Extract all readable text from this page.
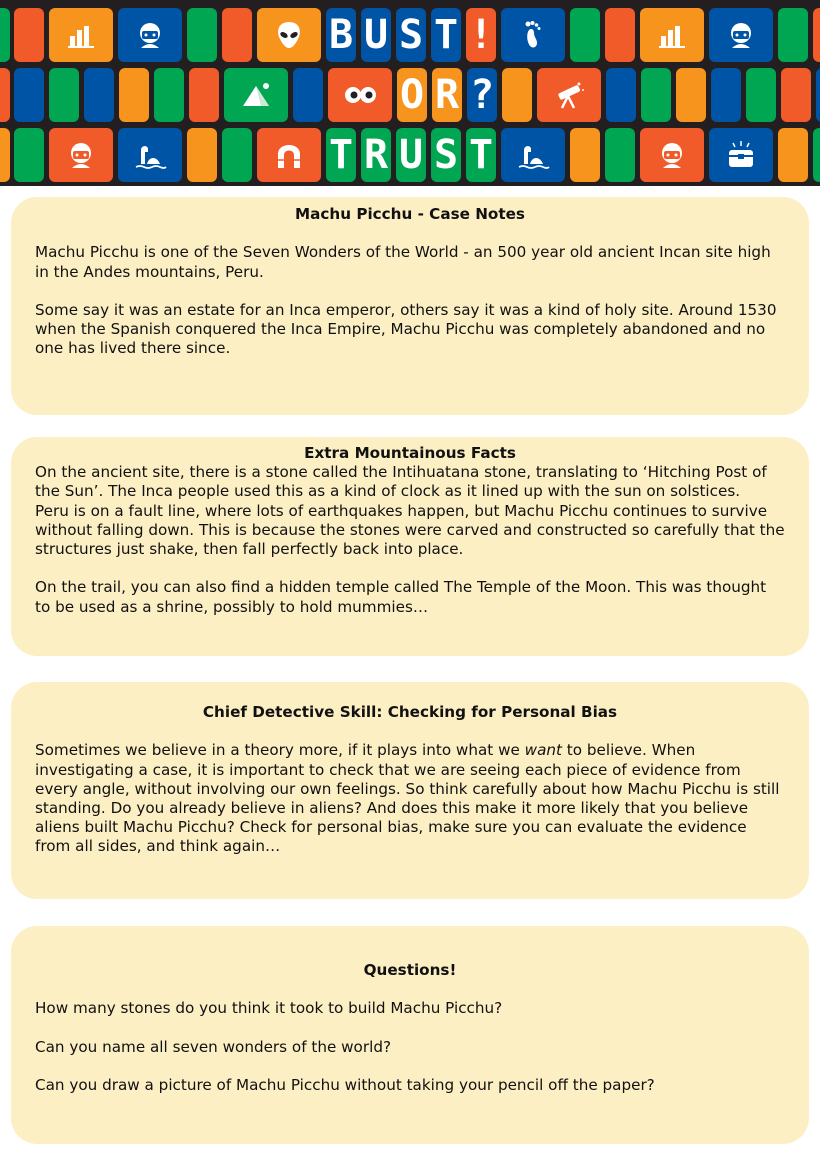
B U S T !
O R ?
T R U S T
Machu Picchu - Case Notes

Machu Picchu is one of the Seven Wonders of the World - an 500 year old ancient Incan site high in the Andes mountains, Peru.

Some say it was an estate for an Inca emperor, others say it was a kind of holy site. Around 1530 when the Spanish conquered the Inca Empire, Machu Picchu was completely abandoned and no one has lived there since.

Extra Mountainous Facts

On the ancient site, there is a stone called the Intihuatana stone, translating to ‘Hitching Post of the Sun’. The Inca people used this as a kind of clock as it lined up with the sun on solstices.

Peru is on a fault line, where lots of earthquakes happen, but Machu Picchu continues to survive without falling down. This is because the stones were carved and constructed so carefully that the structures just shake, then fall perfectly back into place.

On the trail, you can also find a hidden temple called The Temple of the Moon. This was thought to be used as a shrine, possibly to hold mummies…

Chief Detective Skill: Checking for Personal Bias

Sometimes we believe in a theory more, if it plays into what we want to believe. When investigating a case, it is important to check that we are seeing each piece of evidence from every angle, without involving our own feelings. So think carefully about how Machu Picchu is still standing. Do you already believe in aliens? And does this make it more likely that you believe aliens built Machu Picchu? Check for personal bias, make sure you can evaluate the evidence from all sides, and think again…

Questions!

How many stones do you think it took to build Machu Picchu?

Can you name all seven wonders of the world?

Can you draw a picture of Machu Picchu without taking your pencil off the paper?
